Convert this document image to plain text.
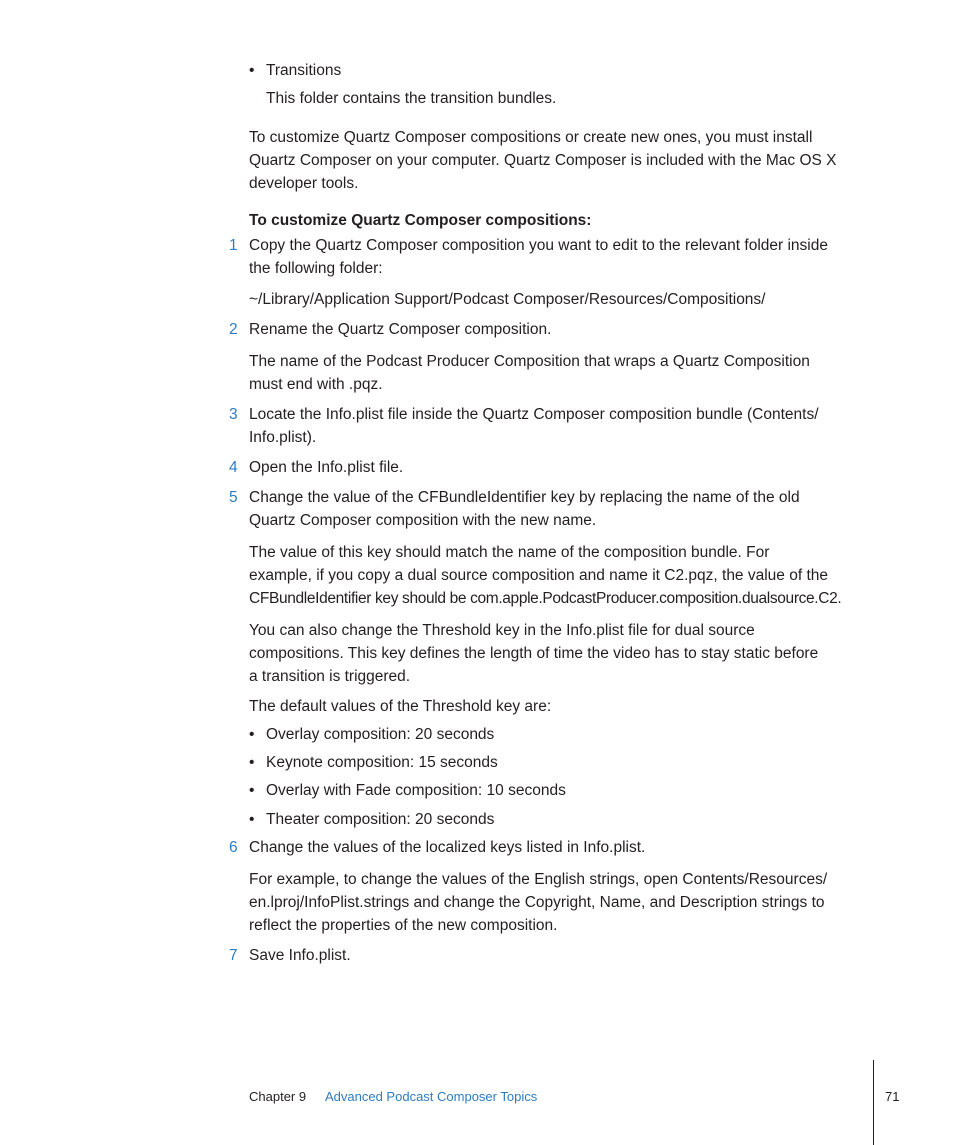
• Transitions
This folder contains the transition bundles.
To customize Quartz Composer compositions or create new ones, you must install
Quartz Composer on your computer. Quartz Composer is included with the Mac OS X
developer tools.
To customize Quartz Composer compositions:
1 Copy the Quartz Composer composition you want to edit to the relevant folder inside
the following folder:
~/Library/Application Support/Podcast Composer/Resources/Compositions/
2 Rename the Quartz Composer composition.
The name of the Podcast Producer Composition that wraps a Quartz Composition
must end with .pqz.
3 Locate the Info.plist file inside the Quartz Composer composition bundle (Contents/
Info.plist).
4 Open the Info.plist file.
5 Change the value of the CFBundleIdentifier key by replacing the name of the old
Quartz Composer composition with the new name.
The value of this key should match the name of the composition bundle. For
example, if you copy a dual source composition and name it C2.pqz, the value of the
CFBundleIdentifier key should be com.apple.PodcastProducer.composition.dualsource.C2.
You can also change the Threshold key in the Info.plist file for dual source
compositions. This key defines the length of time the video has to stay static before
a transition is triggered.
The default values of the Threshold key are:
• Overlay composition: 20 seconds
• Keynote composition: 15 seconds
• Overlay with Fade composition: 10 seconds
• Theater composition: 20 seconds
6 Change the values of the localized keys listed in Info.plist.
For example, to change the values of the English strings, open Contents/Resources/
en.lproj/InfoPlist.strings and change the Copyright, Name, and Description strings to
reflect the properties of the new composition.
7 Save Info.plist.
Chapter 9 Advanced Podcast Composer Topics	71
